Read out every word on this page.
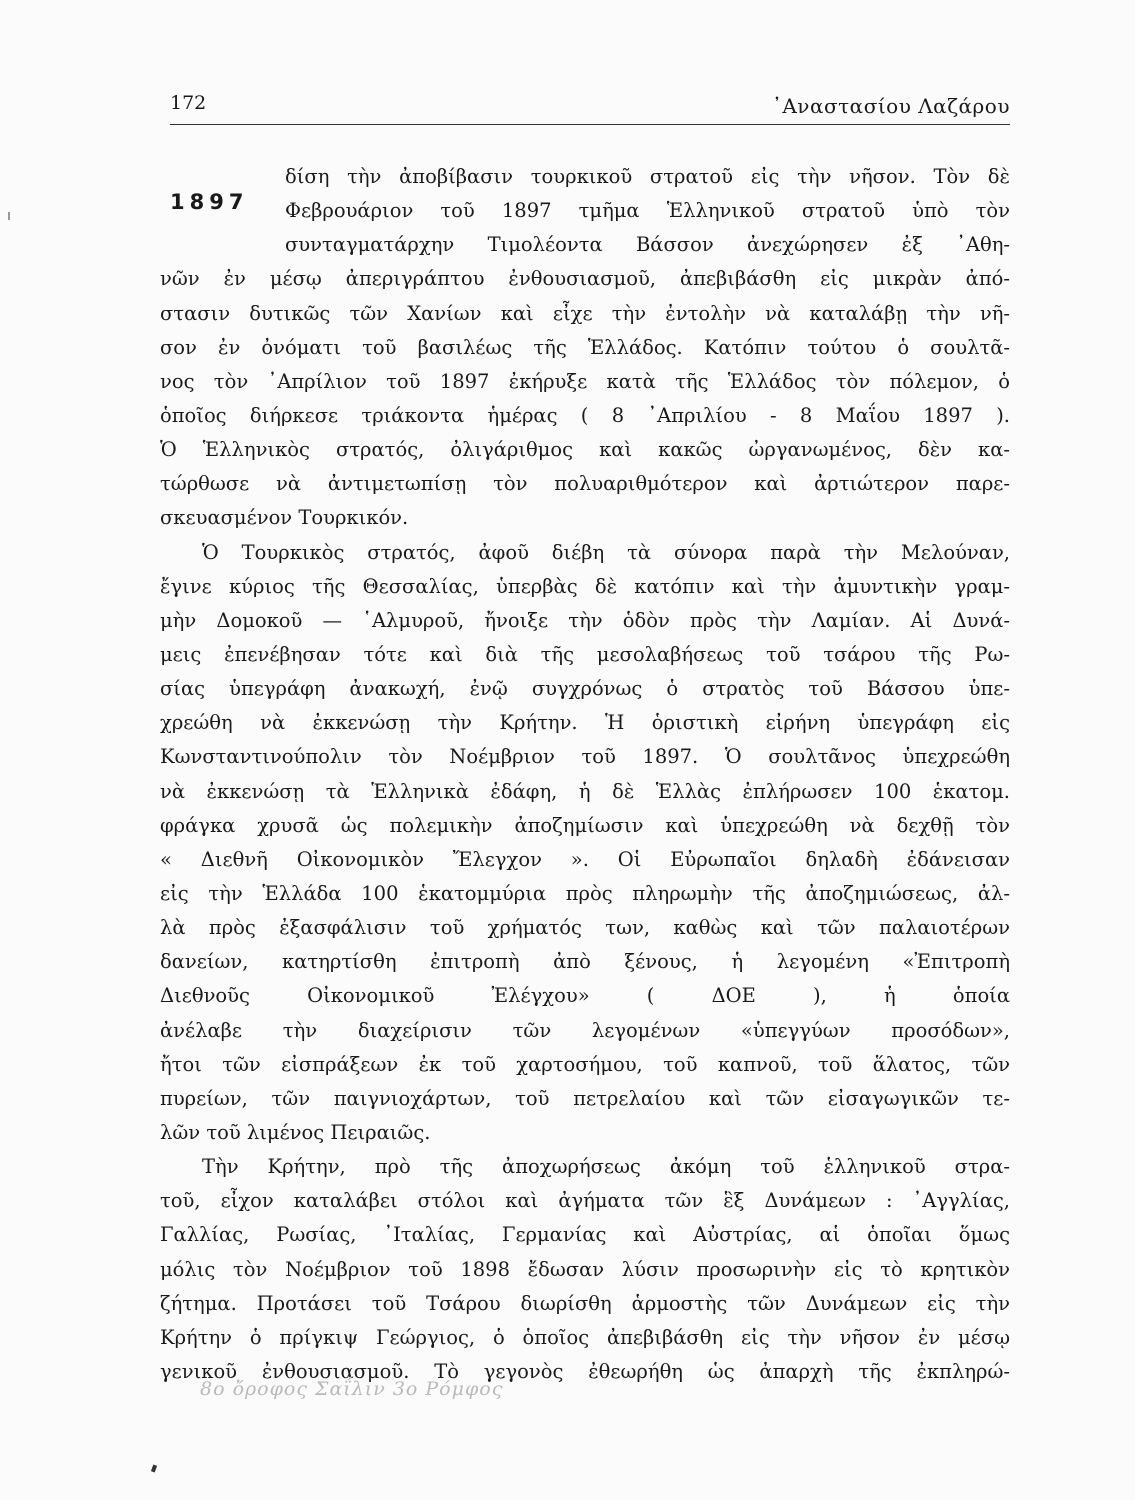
172	᾿Αναστασίου Λαζάρου
1897
δίση τὴν ἀποβίβασιν τουρκικοῦ στρατοῦ εἰς τὴν νῆσον. Τὸν δὲ
Φεβρουάριον τοῦ 1897 τμῆμα Ἑλληνικοῦ στρατοῦ ὑπὸ τὸν
συνταγματάρχην Τιμολέοντα Βάσσον ἀνεχώρησεν ἐξ ᾿Αθη-
νῶν ἐν μέσῳ ἀπεριγράπτου ἐνθουσιασμοῦ, ἀπεβιβάσθη εἰς μικρὰν ἀπό-
στασιν δυτικῶς τῶν Χανίων καὶ εἶχε τὴν ἐντολὴν νὰ καταλάβῃ τὴν νῆ-
σον ἐν ὀνόματι τοῦ βασιλέως τῆς Ἑλλάδος. Κατόπιν τούτου ὁ σουλτᾶ-
νος τὸν ᾿Απρίλιον τοῦ 1897 ἐκήρυξε κατὰ τῆς Ἑλλάδος τὸν πόλεμον, ὁ
ὁποῖος διήρκεσε τριάκοντα ἡμέρας ( 8 ᾿Απριλίου - 8 Μαΐου 1897 ).
Ὁ Ἑλληνικὸς στρατός, ὀλιγάριθμος καὶ κακῶς ὠργανωμένος, δὲν κα-
τώρθωσε νὰ ἀντιμετωπίσῃ τὸν πολυαριθμότερον καὶ ἀρτιώτερον παρε-
σκευασμένον Τουρκικόν.
Ὁ Τουρκικὸς στρατός, ἀφοῦ διέβη τὰ σύνορα παρὰ τὴν Μελούναν,
ἔγινε κύριος τῆς Θεσσαλίας, ὑπερβὰς δὲ κατόπιν καὶ τὴν ἀμυντικὴν γραμ-
μὴν Δομοκοῦ — ῾Αλμυροῦ, ἤνοιξε τὴν ὁδὸν πρὸς τὴν Λαμίαν. Αἱ Δυνά-
μεις ἐπενέβησαν τότε καὶ διὰ τῆς μεσολαβήσεως τοῦ τσάρου τῆς Ρω-
σίας ὑπεγράφη ἀνακωχή, ἐνῷ συγχρόνως ὁ στρατὸς τοῦ Βάσσου ὑπε-
χρεώθη νὰ ἐκκενώσῃ τὴν Κρήτην. Ἡ ὁριστικὴ εἰρήνη ὑπεγράφη εἰς
Κωνσταντινούπολιν τὸν Νοέμβριον τοῦ 1897. Ὁ σουλτᾶνος ὑπεχρεώθη
νὰ ἐκκενώσῃ τὰ Ἑλληνικὰ ἐδάφη, ἡ δὲ Ἑλλὰς ἐπλήρωσεν 100 ἑκατομ.
φράγκα χρυσᾶ ὡς πολεμικὴν ἀποζημίωσιν καὶ ὑπεχρεώθη νὰ δεχθῇ τὸν
« Διεθνῆ Οἰκονομικὸν Ἔλεγχον ». Οἱ Εὐρωπαῖοι δηλαδὴ ἐδάνεισαν
εἰς τὴν Ἑλλάδα 100 ἑκατομμύρια πρὸς πληρωμὴν τῆς ἀποζημιώσεως, ἀλ-
λὰ πρὸς ἐξασφάλισιν τοῦ χρήματός των, καθὼς καὶ τῶν παλαιοτέρων
δανείων, κατηρτίσθη ἐπιτροπὴ ἀπὸ ξένους, ἡ λεγομένη «Ἐπιτροπὴ
Διεθνοῦς Οἰκονομικοῦ Ἐλέγχου» ( ΔΟΕ ), ἡ ὁποία
ἀνέλαβε τὴν διαχείρισιν τῶν λεγομένων «ὑπεγγύων προσόδων»,
ἤτοι τῶν εἰσπράξεων ἐκ τοῦ χαρτοσήμου, τοῦ καπνοῦ, τοῦ ἅλατος, τῶν
πυρείων, τῶν παιγνιοχάρτων, τοῦ πετρελαίου καὶ τῶν εἰσαγωγικῶν τε-
λῶν τοῦ λιμένος Πειραιῶς.
Τὴν Κρήτην, πρὸ τῆς ἀποχωρήσεως ἀκόμη τοῦ ἑλληνικοῦ στρα-
τοῦ, εἶχον καταλάβει στόλοι καὶ ἀγήματα τῶν ἓξ Δυνάμεων : ᾿Αγγλίας,
Γαλλίας, Ρωσίας, ᾿Ιταλίας, Γερμανίας καὶ Αὐστρίας, αἱ ὁποῖαι ὅμως
μόλις τὸν Νοέμβριον τοῦ 1898 ἔδωσαν λύσιν προσωρινὴν εἰς τὸ κρητικὸν
ζήτημα. Προτάσει τοῦ Τσάρου διωρίσθη ἁρμοστὴς τῶν Δυνάμεων εἰς τὴν
Κρήτην ὁ πρίγκιψ Γεώργιος, ὁ ὁποῖος ἀπεβιβάσθη εἰς τὴν νῆσον ἐν μέσῳ
γενικοῦ ἐνθουσιασμοῦ. Τὸ γεγονὸς ἐθεωρήθη ὡς ἀπαρχὴ τῆς ἐκπληρώ-
8ο ὄροφος Σαΐλιν 3ο Ρόμφος
